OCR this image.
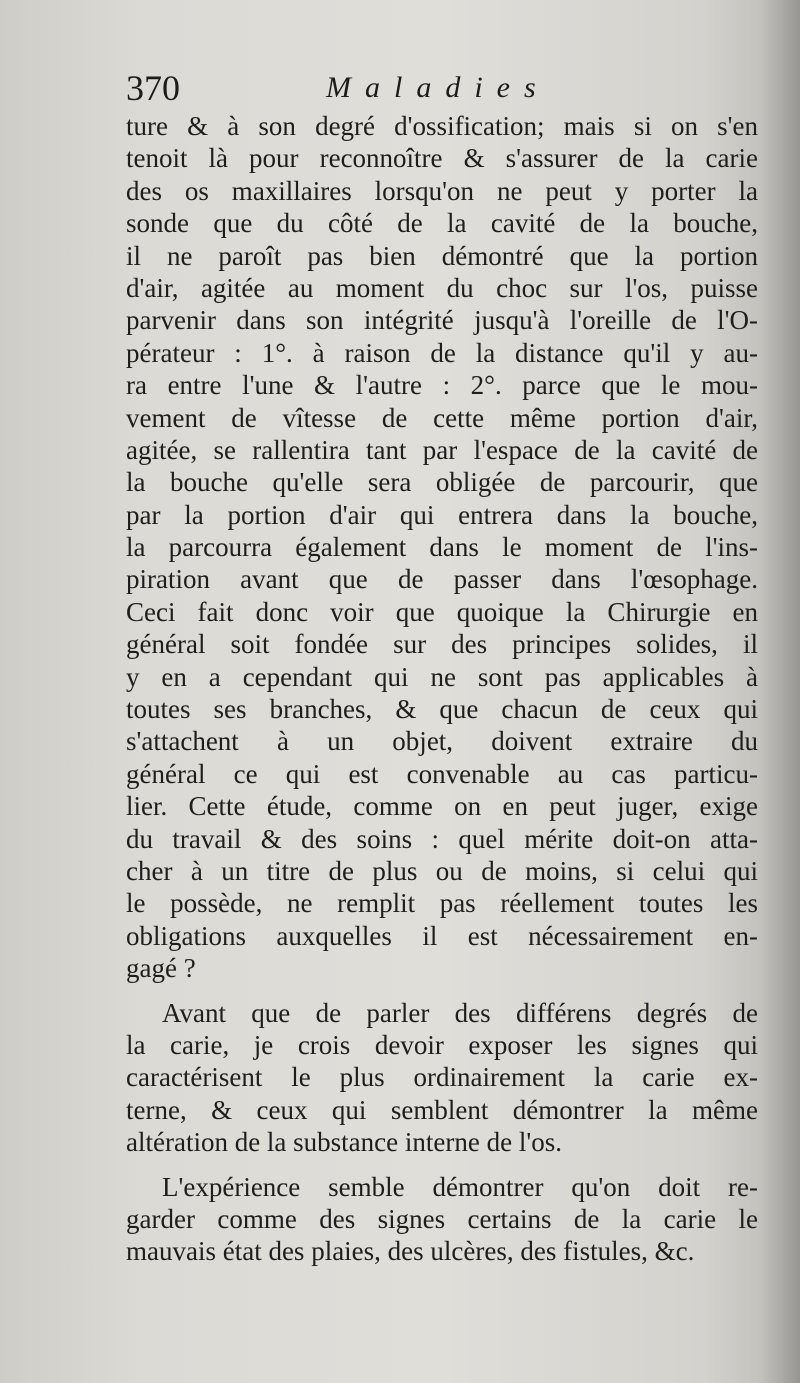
370	Maladies
ture & à son degré d'ossification; mais si on s'en
tenoit là pour reconnoître & s'assurer de la carie
des os maxillaires lorsqu'on ne peut y porter la
sonde que du côté de la cavité de la bouche,
il ne paroît pas bien démontré que la portion
d'air, agitée au moment du choc sur l'os, puisse
parvenir dans son intégrité jusqu'à l'oreille de l'O-
pérateur : 1°. à raison de la distance qu'il y au-
ra entre l'une & l'autre : 2°. parce que le mou-
vement de vîtesse de cette même portion d'air,
agitée, se rallentira tant par l'espace de la cavité de
la bouche qu'elle sera obligée de parcourir, que
par la portion d'air qui entrera dans la bouche,
la parcourra également dans le moment de l'ins-
piration avant que de passer dans l'œsophage.
Ceci fait donc voir que quoique la Chirurgie en
général soit fondée sur des principes solides, il
y en a cependant qui ne sont pas applicables à
toutes ses branches, & que chacun de ceux qui
s'attachent à un objet, doivent extraire du
général ce qui est convenable au cas particu-
lier. Cette étude, comme on en peut juger, exige
du travail & des soins : quel mérite doit-on atta-
cher à un titre de plus ou de moins, si celui qui
le possède, ne remplit pas réellement toutes les
obligations auxquelles il est nécessairement en-
gagé ?
Avant que de parler des différens degrés de
la carie, je crois devoir exposer les signes qui
caractérisent le plus ordinairement la carie ex-
terne, & ceux qui semblent démontrer la même
altération de la substance interne de l'os.
L'expérience semble démontrer qu'on doit re-
garder comme des signes certains de la carie le
mauvais état des plaies, des ulcères, des fistules, &c.
